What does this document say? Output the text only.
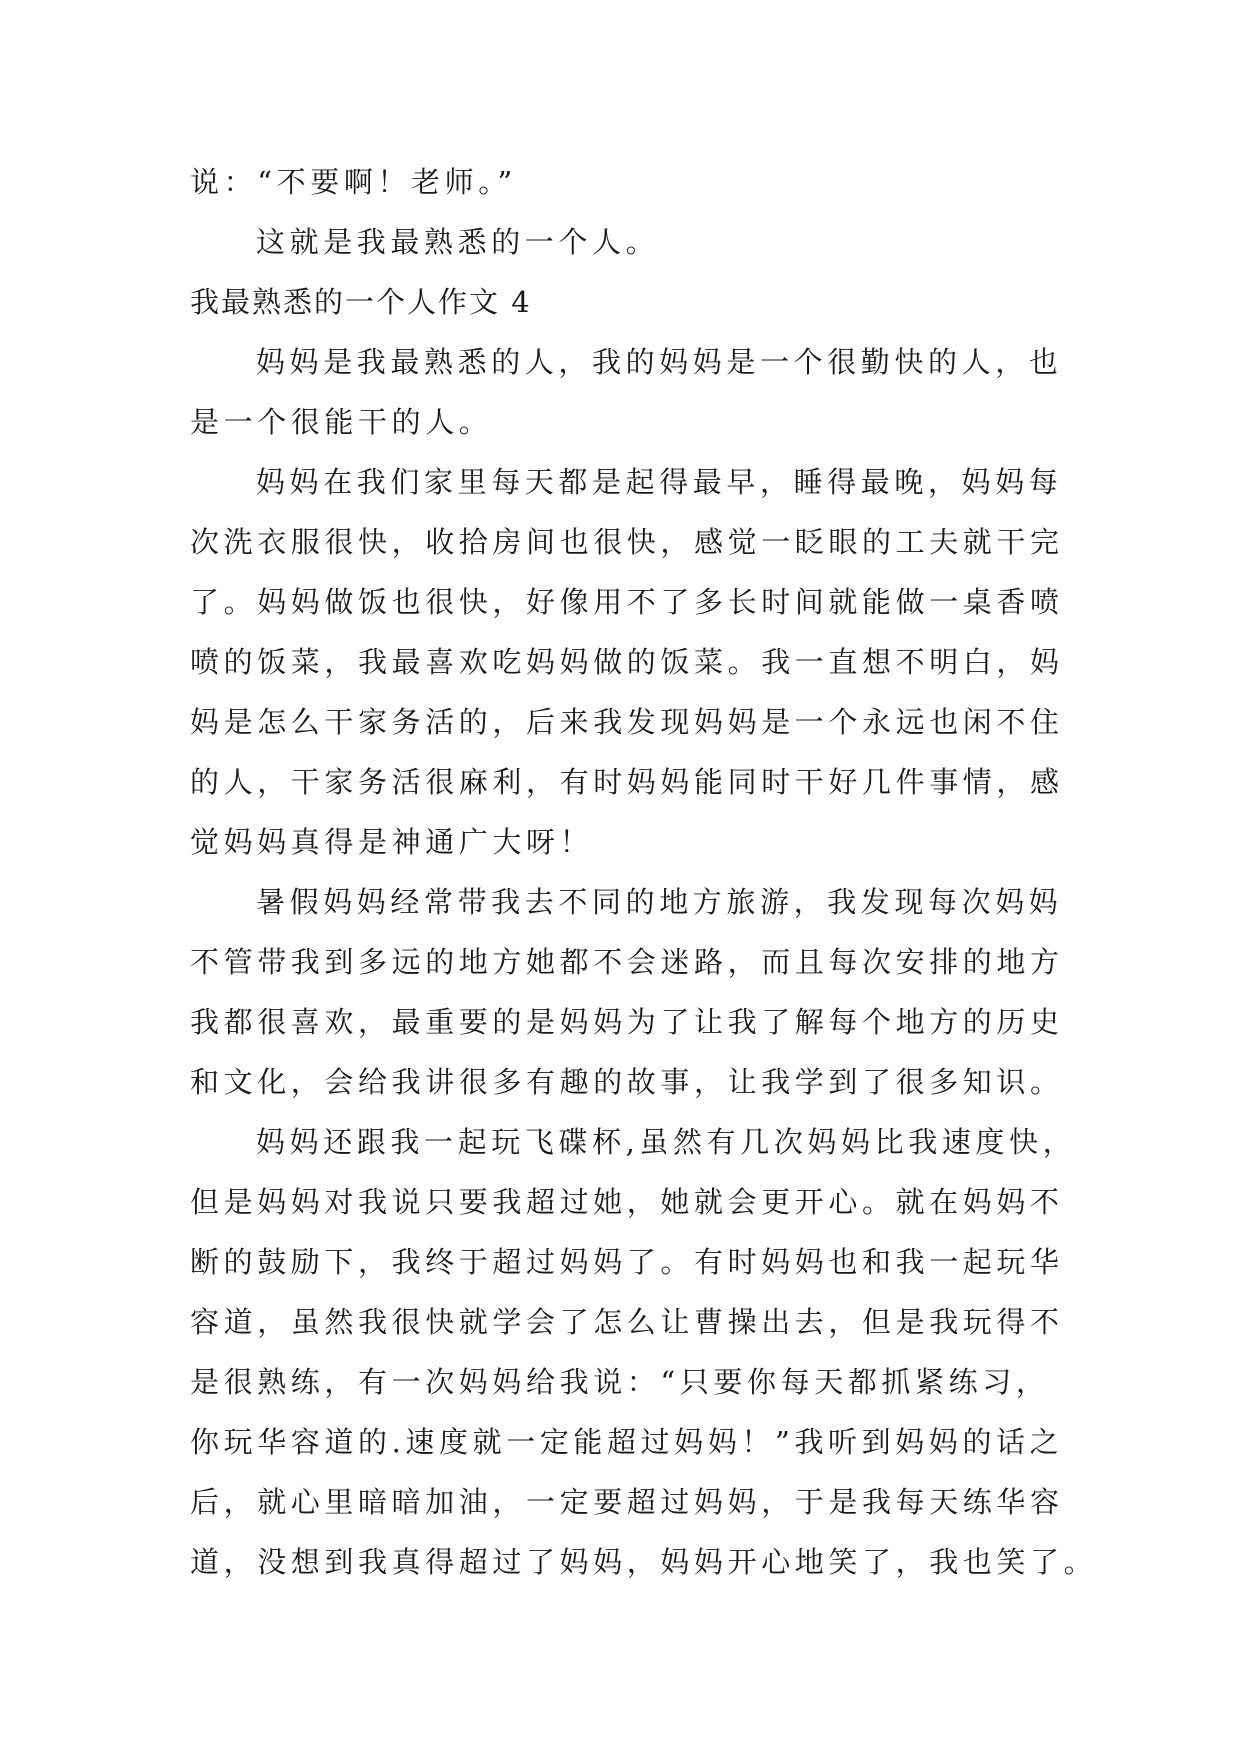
说：“不要啊！老师。”
这就是我最熟悉的一个人。
我最熟悉的一个人作文 4
妈妈是我最熟悉的人，我的妈妈是一个很勤快的人，也
是一个很能干的人。
妈妈在我们家里每天都是起得最早，睡得最晚，妈妈每
次洗衣服很快，收拾房间也很快，感觉一眨眼的工夫就干完
了。妈妈做饭也很快，好像用不了多长时间就能做一桌香喷
喷的饭菜，我最喜欢吃妈妈做的饭菜。我一直想不明白，妈
妈是怎么干家务活的，后来我发现妈妈是一个永远也闲不住
的人，干家务活很麻利，有时妈妈能同时干好几件事情，感
觉妈妈真得是神通广大呀！
暑假妈妈经常带我去不同的地方旅游，我发现每次妈妈
不管带我到多远的地方她都不会迷路，而且每次安排的地方
我都很喜欢，最重要的是妈妈为了让我了解每个地方的历史
和文化，会给我讲很多有趣的故事，让我学到了很多知识。
妈妈还跟我一起玩飞碟杯,虽然有几次妈妈比我速度快，
但是妈妈对我说只要我超过她，她就会更开心。就在妈妈不
断的鼓励下，我终于超过妈妈了。有时妈妈也和我一起玩华
容道，虽然我很快就学会了怎么让曹操出去，但是我玩得不
是很熟练，有一次妈妈给我说：“只要你每天都抓紧练习，
你玩华容道的.速度就一定能超过妈妈！”我听到妈妈的话之
后，就心里暗暗加油，一定要超过妈妈，于是我每天练华容
道，没想到我真得超过了妈妈，妈妈开心地笑了，我也笑了。
